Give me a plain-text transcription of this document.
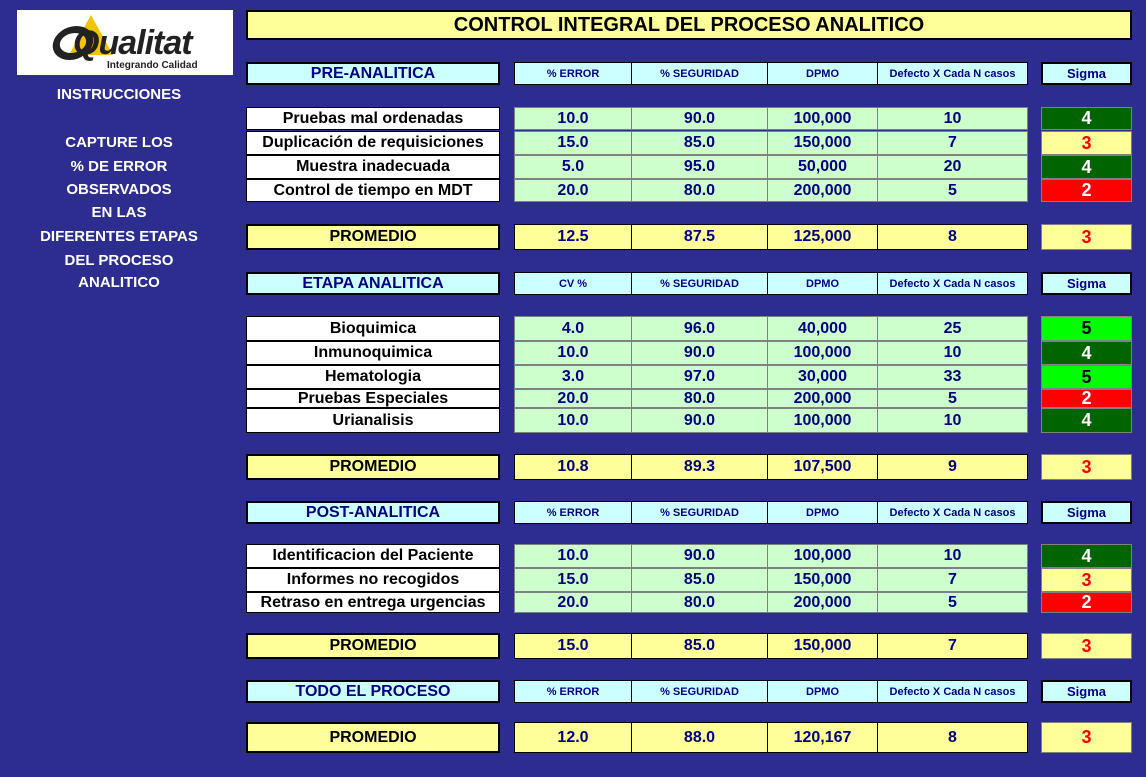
Qualitat
Integrando Calidad
INSTRUCCIONES
CAPTURE LOS
% DE ERROR
OBSERVADOS
EN LAS
DIFERENTES ETAPAS
DEL PROCESO
ANALITICO
CONTROL INTEGRAL DEL PROCESO ANALITICO
PRE-ANALITICA	% ERROR	% SEGURIDAD	DPMO	Defecto X Cada N casos	Sigma
Pruebas mal ordenadas	10.0	90.0	100,000	10	4
Duplicación de requisiciones	15.0	85.0	150,000	7	3
Muestra inadecuada	5.0	95.0	50,000	20	4
Control de tiempo en MDT	20.0	80.0	200,000	5	2
PROMEDIO	12.5	87.5	125,000	8	3
ETAPA ANALITICA	CV %	% SEGURIDAD	DPMO	Defecto X Cada N casos	Sigma
Bioquimica	4.0	96.0	40,000	25	5
Inmunoquimica	10.0	90.0	100,000	10	4
Hematologia	3.0	97.0	30,000	33	5
Pruebas Especiales	20.0	80.0	200,000	5	2
Urianalisis	10.0	90.0	100,000	10	4
PROMEDIO	10.8	89.3	107,500	9	3
POST-ANALITICA	% ERROR	% SEGURIDAD	DPMO	Defecto X Cada N casos	Sigma
Identificacion del Paciente	10.0	90.0	100,000	10	4
Informes no recogidos	15.0	85.0	150,000	7	3
Retraso en entrega urgencias	20.0	80.0	200,000	5	2
PROMEDIO	15.0	85.0	150,000	7	3
TODO EL PROCESO	% ERROR	% SEGURIDAD	DPMO	Defecto X Cada N casos	Sigma
PROMEDIO	12.0	88.0	120,167	8	3
